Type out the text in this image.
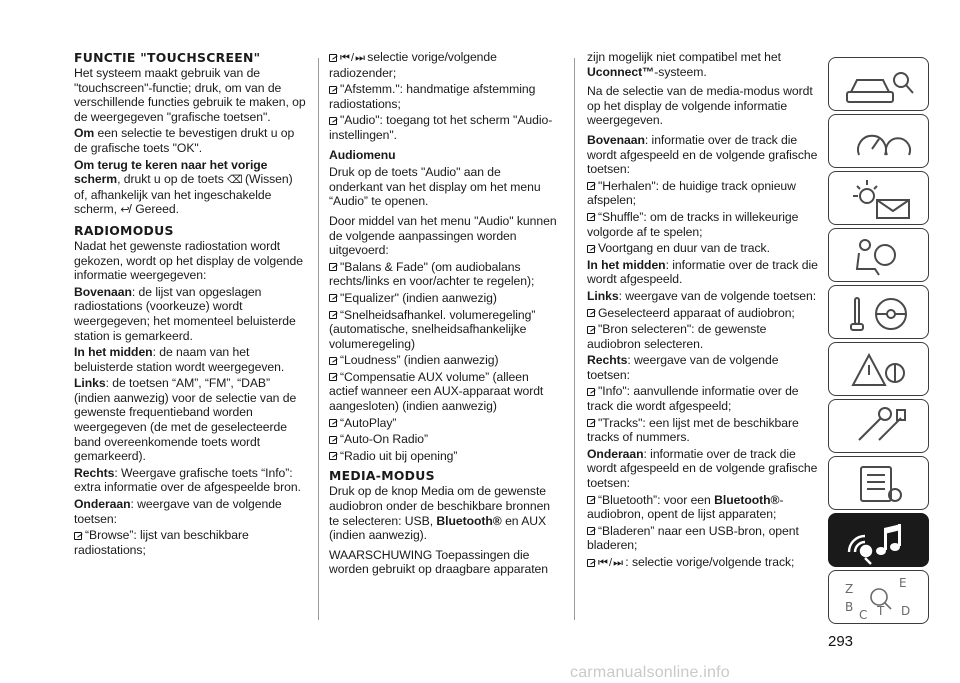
FUNCTIE "TOUCHSCREEN"

Het systeem maakt gebruik van de "touchscreen"-functie; druk, om van de verschillende functies gebruik te maken, op de weergegeven "grafische toetsen".

Om een selectie te bevestigen drukt u op de grafische toets "OK".

Om terug te keren naar het vorige scherm, drukt u op de toets ⌫ (Wissen) of, afhankelijk van het ingeschakelde scherm, ↩/ Gereed.

RADIOMODUS

Nadat het gewenste radiostation wordt gekozen, wordt op het display de volgende informatie weergegeven:

Bovenaan: de lijst van opgeslagen radiostations (voorkeuze) wordt weergegeven; het momenteel beluisterde station is gemarkeerd.

In het midden: de naam van het beluisterde station wordt weergegeven.

Links: de toetsen “AM”, “FM”, “DAB” (indien aanwezig) voor de selectie van de gewenste frequentieband worden weergegeven (de met de geselecteerde band overeenkomende toets wordt gemarkeerd).

Rechts: Weergave grafische toets “Info”: extra informatie over de afgespeelde bron.

Onderaan: weergave van de volgende toetsen:

“Browse”: lijst van beschikbare radiostations;

⏮ / ⏭ selectie vorige/volgende radiozender;

"Afstemm.": handmatige afstemming radiostations;

"Audio": toegang tot het scherm "Audio-instellingen".

Audiomenu

Druk op de toets "Audio" aan de onderkant van het display om het menu “Audio” te openen.

Door middel van het menu "Audio" kunnen de volgende aanpassingen worden uitgevoerd:

"Balans & Fade" (om audiobalans rechts/links en voor/achter te regelen);

"Equalizer" (indien aanwezig)

“Snelheidsafhankel. volumeregeling” (automatische, snelheidsafhankelijke volumeregeling)

“Loudness” (indien aanwezig)

“Compensatie AUX volume” (alleen actief wanneer een AUX-apparaat wordt aangesloten) (indien aanwezig)

“AutoPlay”

“Auto-On Radio”

“Radio uit bij opening”

MEDIA-MODUS

Druk op de knop Media om de gewenste audiobron onder de beschikbare bronnen te selecteren: USB, Bluetooth® en AUX (indien aanwezig).

WAARSCHUWING Toepassingen die worden gebruikt op draagbare apparaten

zijn mogelijk niet compatibel met het Uconnect™-systeem.

Na de selectie van de media-modus wordt op het display de volgende informatie weergegeven.

Bovenaan: informatie over de track die wordt afgespeeld en de volgende grafische toetsen:

"Herhalen": de huidige track opnieuw afspelen;

“Shuffle”: om de tracks in willekeurige volgorde af te spelen;

Voortgang en duur van de track.

In het midden: informatie over de track die wordt afgespeeld.

Links: weergave van de volgende toetsen:

Geselecteerd apparaat of audiobron;

"Bron selecteren": de gewenste audiobron selecteren.

Rechts: weergave van de volgende toetsen:

"Info": aanvullende informatie over de track die wordt afgespeeld;

"Tracks": een lijst met de beschikbare tracks of nummers.

Onderaan: informatie over de track die wordt afgespeeld en de volgende grafische toetsen:

“Bluetooth”: voor een Bluetooth®-audiobron, opent de lijst apparaten;

“Bladeren” naar een USB-bron, opent bladeren;

⏮ / ⏭ : selectie vorige/volgende track;

Z
B
E
C T D
293
carmanualsonline.info
